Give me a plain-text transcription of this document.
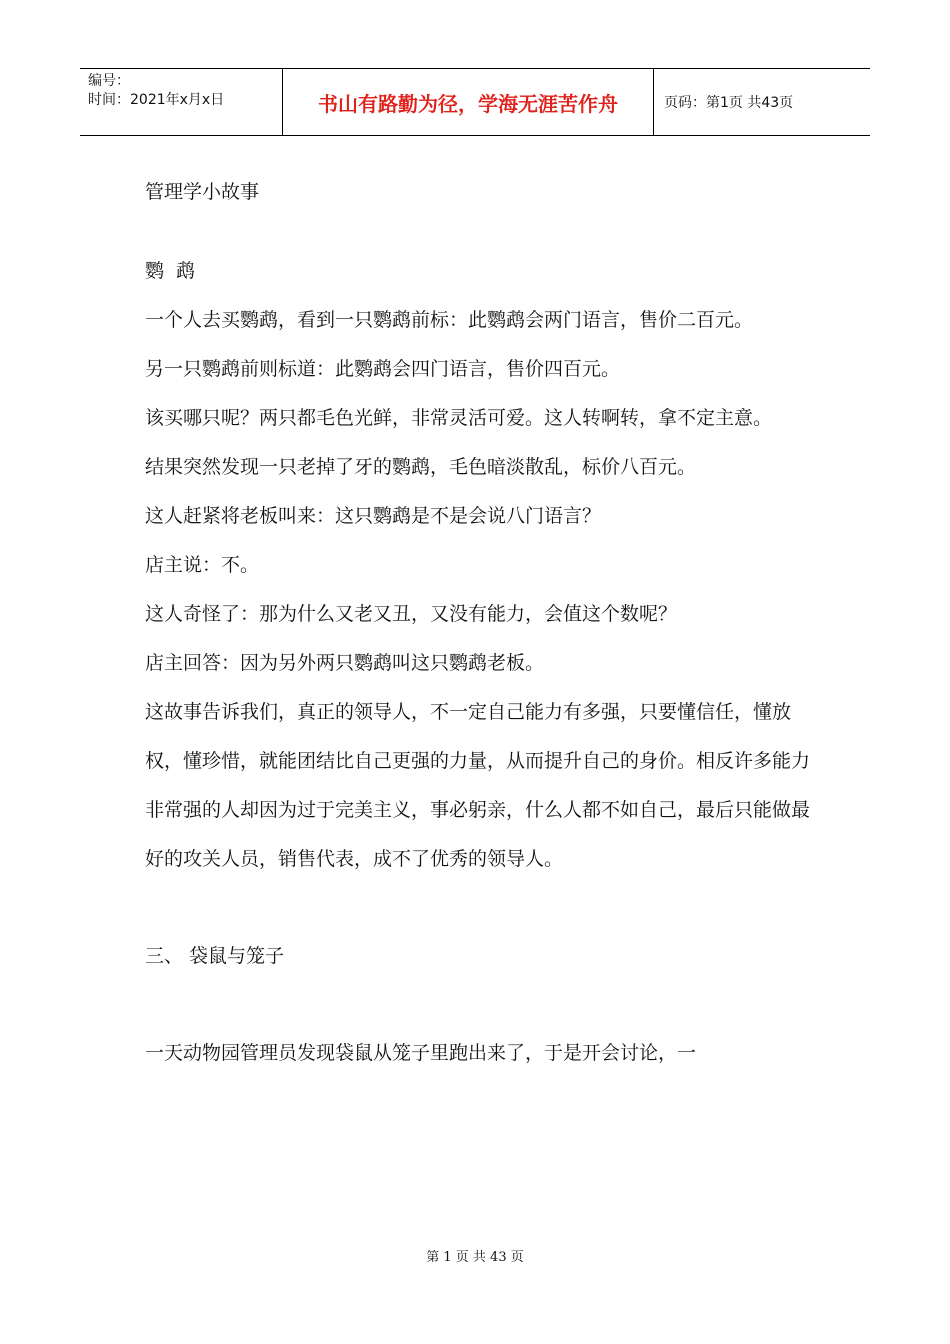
编号：
时间：2021年x月x日	书山有路勤为径，学海无涯苦作舟	页码：第1页 共43页

管理学小故事

鹦 鹉

一个人去买鹦鹉，看到一只鹦鹉前标：此鹦鹉会两门语言，售价二百元。

另一只鹦鹉前则标道：此鹦鹉会四门语言，售价四百元。

该买哪只呢？两只都毛色光鲜，非常灵活可爱。这人转啊转，拿不定主意。

结果突然发现一只老掉了牙的鹦鹉，毛色暗淡散乱，标价八百元。

这人赶紧将老板叫来：这只鹦鹉是不是会说八门语言？

店主说：不。

这人奇怪了：那为什么又老又丑，又没有能力，会值这个数呢？

店主回答：因为另外两只鹦鹉叫这只鹦鹉老板。

这故事告诉我们，真正的领导人，不一定自己能力有多强，只要懂信任，懂放权，懂珍惜，就能团结比自己更强的力量，从而提升自己的身价。相反许多能力非常强的人却因为过于完美主义，事必躬亲，什么人都不如自己，最后只能做最好的攻关人员，销售代表，成不了优秀的领导人。

三、 袋鼠与笼子

一天动物园管理员发现袋鼠从笼子里跑出来了，于是开会讨论，一

第 1 页 共 43 页
